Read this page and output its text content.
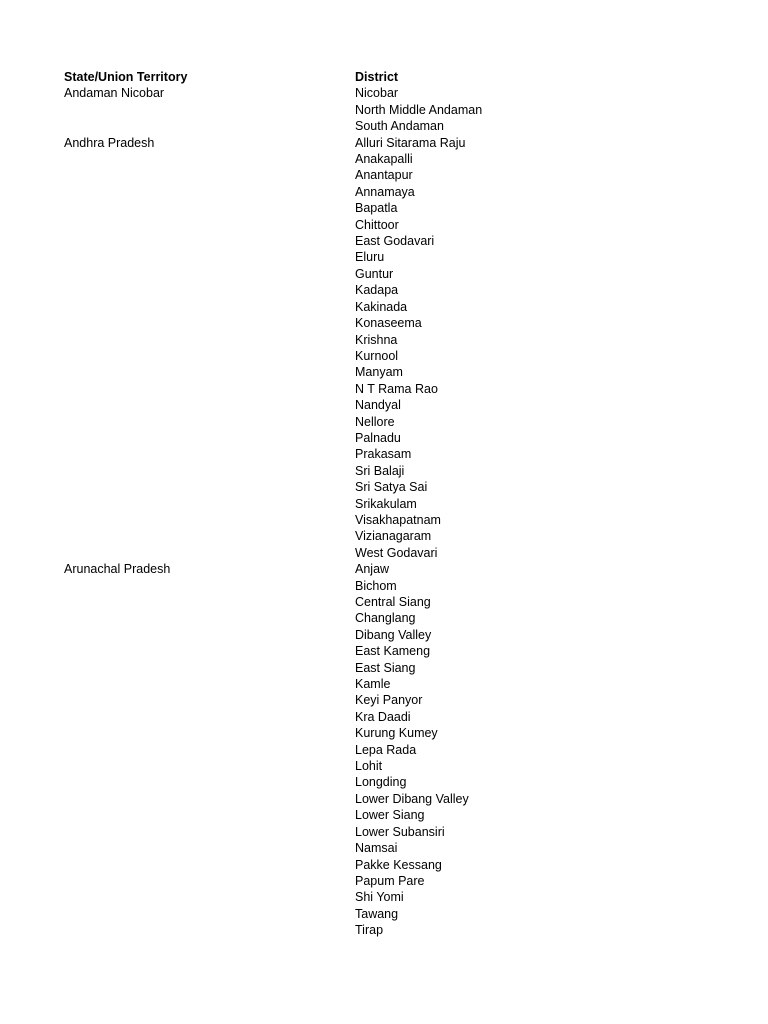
State/Union Territory	District
Andaman Nicobar	Nicobar
	North Middle Andaman
	South Andaman
Andhra Pradesh	Alluri Sitarama Raju
	Anakapalli
	Anantapur
	Annamaya
	Bapatla
	Chittoor
	East Godavari
	Eluru
	Guntur
	Kadapa
	Kakinada
	Konaseema
	Krishna
	Kurnool
	Manyam
	N T Rama Rao
	Nandyal
	Nellore
	Palnadu
	Prakasam
	Sri Balaji
	Sri Satya Sai
	Srikakulam
	Visakhapatnam
	Vizianagaram
	West Godavari
Arunachal Pradesh	Anjaw
	Bichom
	Central Siang
	Changlang
	Dibang Valley
	East Kameng
	East Siang
	Kamle
	Keyi Panyor
	Kra Daadi
	Kurung Kumey
	Lepa Rada
	Lohit
	Longding
	Lower Dibang Valley
	Lower Siang
	Lower Subansiri
	Namsai
	Pakke Kessang
	Papum Pare
	Shi Yomi
	Tawang
	Tirap
